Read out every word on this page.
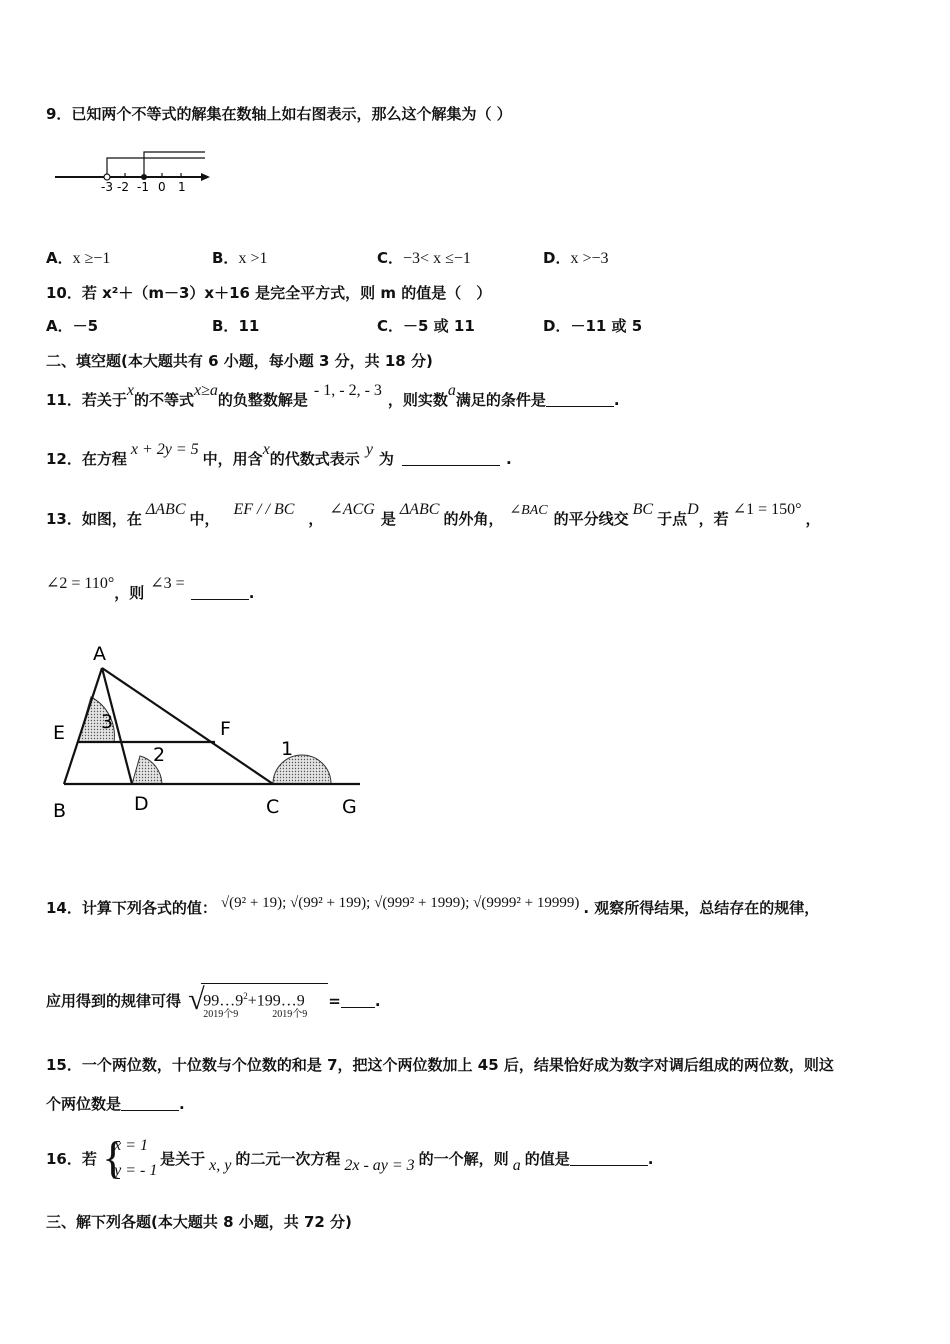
9．已知两个不等式的解集在数轴上如右图表示，那么这个解集为（ ）
-3 -2 -1 0 1
A．x ≥−1	B．x >1	C．−3< x ≤−1	D．x >−3
10．若 x²＋（m－3）x＋16 是完全平方式，则 m 的值是（　）
A．－5	B．11	C．－5 或 11	D．－11 或 5
二、填空题(本大题共有 6 小题，每小题 3 分，共 18 分)
11．若关于x的不等式x≥a的负整数解是- 1, - 2, - 3，则实数a满足的条件是	.
12．在方程x + 2y = 5中，用含x的代数式表示y为	.
13．如图，在ΔABC中，EF / / BC，∠ACG是ΔABC的外角， ∠BAC 的平分线交BC于点D，若∠1 = 150°，
∠2 = 110°，则∠3 =.
A
E	F
B	D	C	G
1
2
3
14．计算下列各式的值： √(9² + 19); √(99² + 199); √(999² + 1999); √(9999² + 19999) . 观察所得结果，总结存在的规律，
应用得到的规律可得 √
$99\dots 9^2+199\dots 9$
2019个9	2019个9
= .
15．一个两位数，十位数与个位数的和是 7，把这个两位数加上 45 后，结果恰好成为数字对调后组成的两位数，则这
个两位数是	.
16．若 {
x = 1
y = - 1
是关于 x, y 的二元一次方程 2x - ay = 3 的一个解，则 a 的值是	.
三、解下列各题(本大题共 8 小题，共 72 分)
